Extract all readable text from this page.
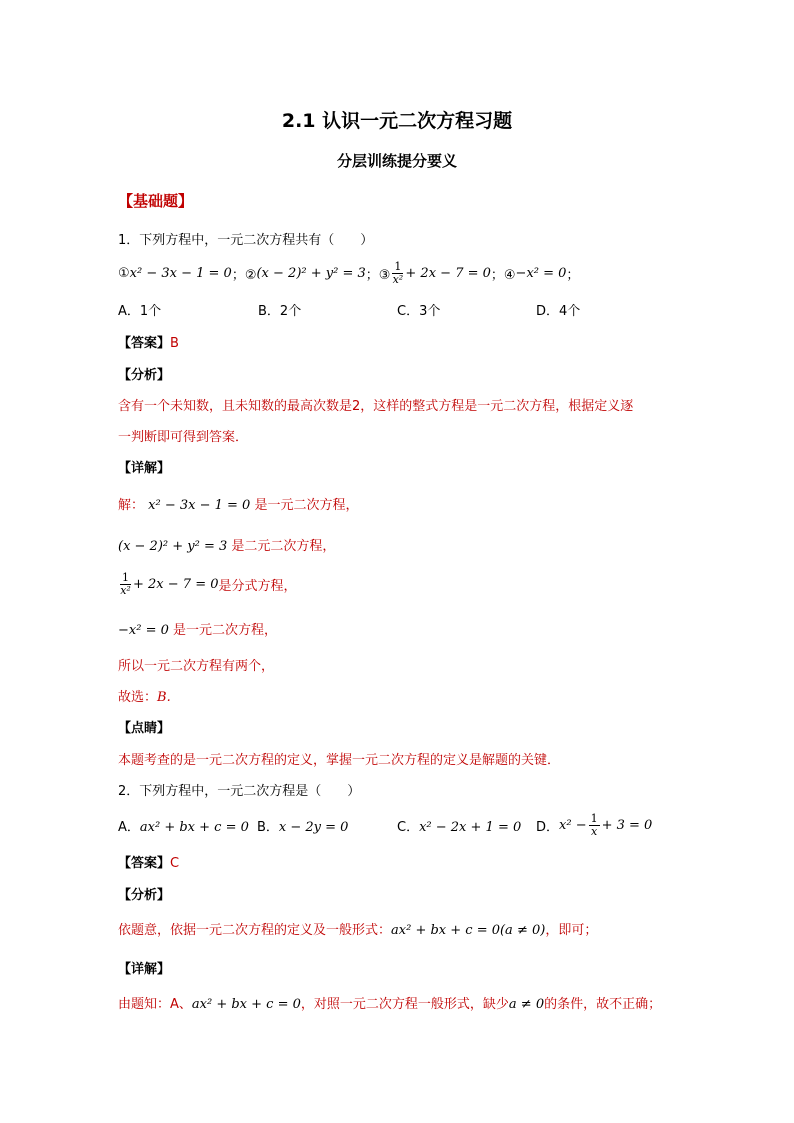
2.1 认识一元二次方程习题
分层训练提分要义
【基础题】
1．下列方程中，一元二次方程共有（　　）
① x² − 3x − 1 = 0 ；② (x − 2)² + y² = 3 ；③ $\frac{1}{\text{x²}} + 2x - 7 = 0$ ；④ −x² = 0 ；
A．1个	B．2个	C．3个	D．4个
【答案】B
【分析】
含有一个未知数，且未知数的最高次数是2，这样的整式方程是一元二次方程，根据定义逐
一判断即可得到答案．
【详解】
解： x² − 3x − 1 = 0 是一元二次方程，
(x − 2)² + y² = 3 是二元二次方程，
$\frac{1}{\text{x²}} + 2x - 7 = 0$ 是分式方程，
−x² = 0 是一元二次方程，
所以一元二次方程有两个，
故选：B.
【点睛】
本题考查的是一元二次方程的定义，掌握一元二次方程的定义是解题的关键．
2．下列方程中，一元二次方程是（　　）
A．ax² + bx + c = 0 B．x − 2y = 0	C．x² − 2x + 1 = 0 D． $x^2 - \frac{1}{x} + 3 = 0$
【答案】C
【分析】
依题意，依据一元二次方程的定义及一般形式：ax² + bx + c = 0(a ≠ 0)，即可；
【详解】
由题知：A、ax² + bx + c = 0，对照一元二次方程一般形式，缺少a ≠ 0的条件，故不正确；
